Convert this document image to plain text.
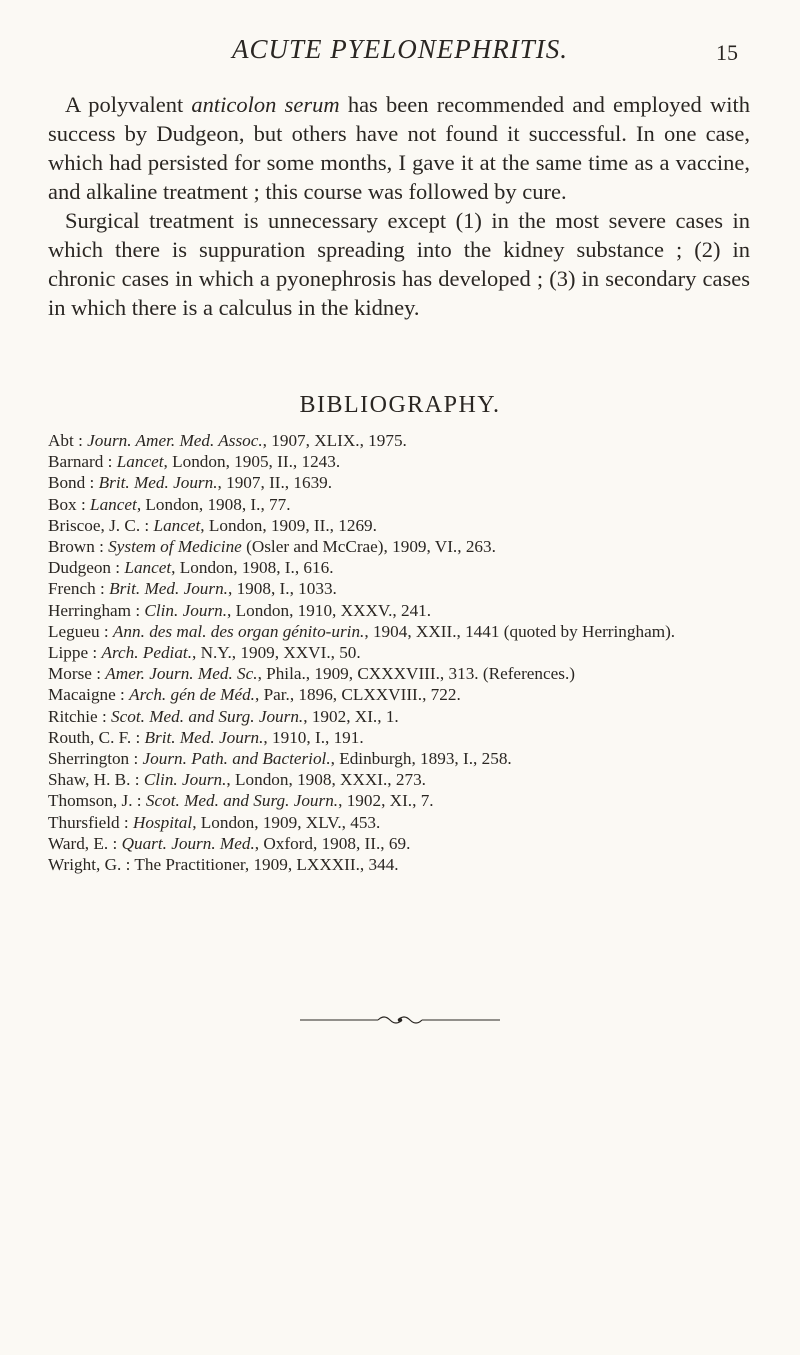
ACUTE PYELONEPHRITIS.	15

A polyvalent anticolon serum has been recommended and employed with success by Dudgeon, but others have not found it successful. In one case, which had persisted for some months, I gave it at the same time as a vaccine, and alkaline treatment ; this course was followed by cure.

Surgical treatment is unnecessary except (1) in the most severe cases in which there is suppuration spreading into the kidney substance ; (2) in chronic cases in which a pyonephrosis has developed ; (3) in secondary cases in which there is a calculus in the kidney.

BIBLIOGRAPHY.
Abt : Journ. Amer. Med. Assoc., 1907, XLIX., 1975.
Barnard : Lancet, London, 1905, II., 1243.
Bond : Brit. Med. Journ., 1907, II., 1639.
Box : Lancet, London, 1908, I., 77.
Briscoe, J. C. : Lancet, London, 1909, II., 1269.
Brown : System of Medicine (Osler and McCrae), 1909, VI., 263.
Dudgeon : Lancet, London, 1908, I., 616.
French : Brit. Med. Journ., 1908, I., 1033.
Herringham : Clin. Journ., London, 1910, XXXV., 241.
Legueu : Ann. des mal. des organ génito-urin., 1904, XXII., 1441 (quoted by Herringham).
Lippe : Arch. Pediat., N.Y., 1909, XXVI., 50.
Morse : Amer. Journ. Med. Sc., Phila., 1909, CXXXVIII., 313. (References.)
Macaigne : Arch. gén de Méd., Par., 1896, CLXXVIII., 722.
Ritchie : Scot. Med. and Surg. Journ., 1902, XI., 1.
Routh, C. F. : Brit. Med. Journ., 1910, I., 191.
Sherrington : Journ. Path. and Bacteriol., Edinburgh, 1893, I., 258.
Shaw, H. B. : Clin. Journ., London, 1908, XXXI., 273.
Thomson, J. : Scot. Med. and Surg. Journ., 1902, XI., 7.
Thursfield : Hospital, London, 1909, XLV., 453.
Ward, E. : Quart. Journ. Med., Oxford, 1908, II., 69.
Wright, G. : The Practitioner, 1909, LXXXII., 344.
